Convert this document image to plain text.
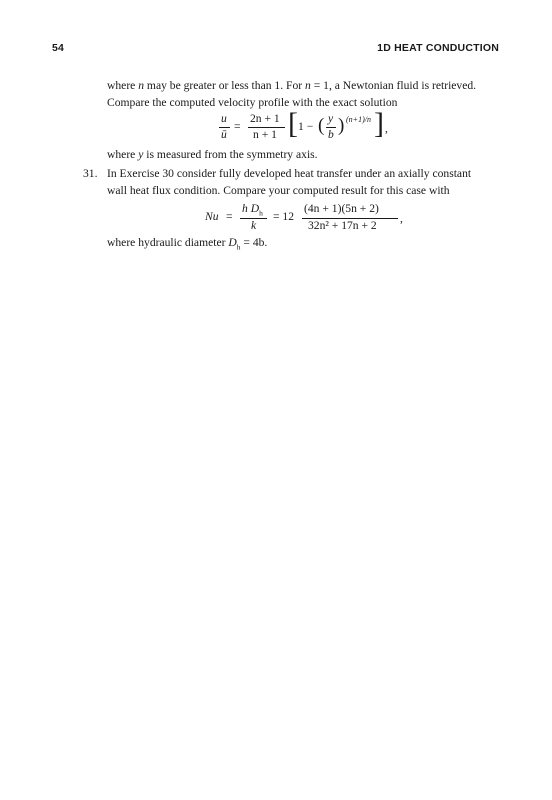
54	1D HEAT CONDUCTION
where n may be greater or less than 1. For n = 1, a Newtonian fluid is retrieved.
Compare the computed velocity profile with the exact solution
u
ū
=
2n + 1
n + 1 [ 1 − ( y
b ) (n+1)/n ] ,
where y is measured from the symmetry axis.
31. In Exercise 30 consider fully developed heat transfer under an axially constant
wall heat flux condition. Compare your computed result for this case with
Nu =
h $D_h$
k
= 12
(4n + 1)(5n + 2)
32n² + 17n + 2
,
where hydraulic diameter $D_h = 4b$.
